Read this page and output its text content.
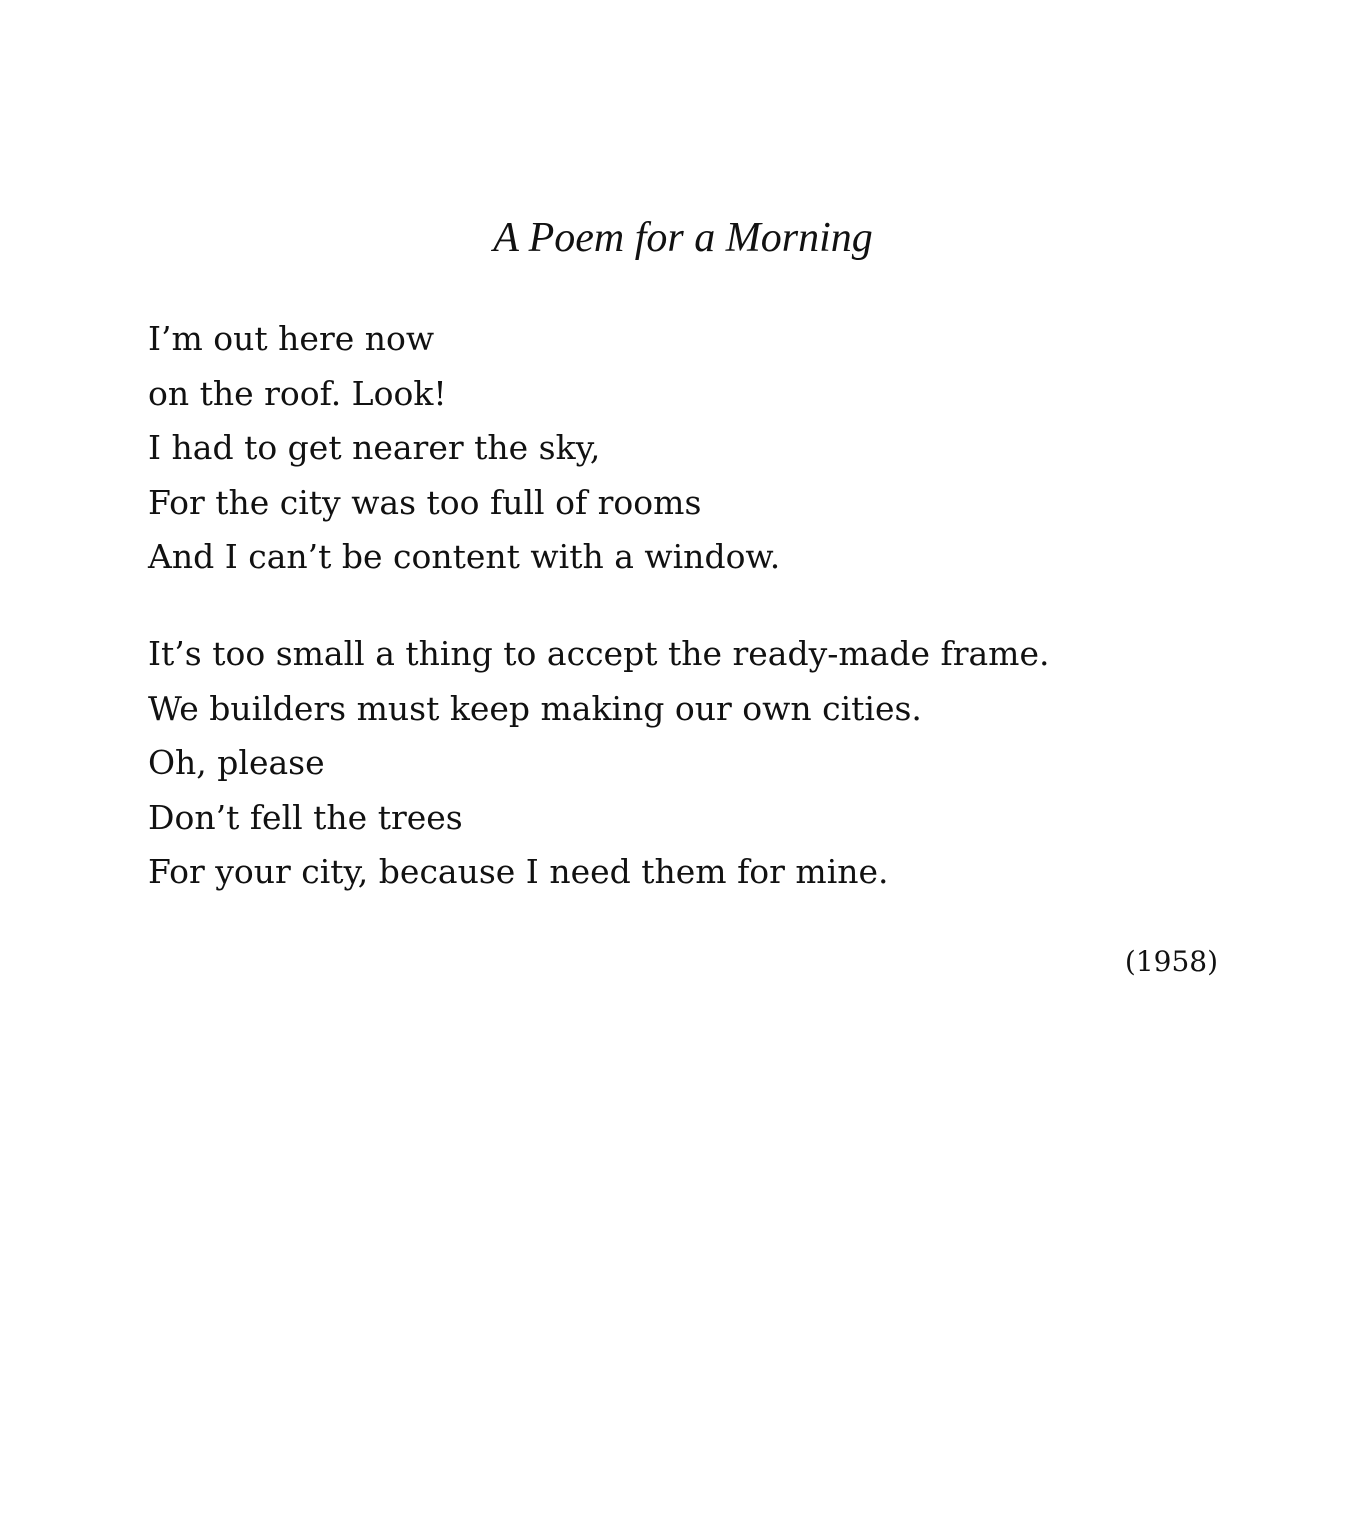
A Poem for a Morning
I’m out here now
on the roof. Look!
I had to get nearer the sky,
For the city was too full of rooms
And I can’t be content with a window.
It’s too small a thing to accept the ready-made frame.
We builders must keep making our own cities.
Oh, please
Don’t fell the trees
For your city, because I need them for mine.

(1958)
